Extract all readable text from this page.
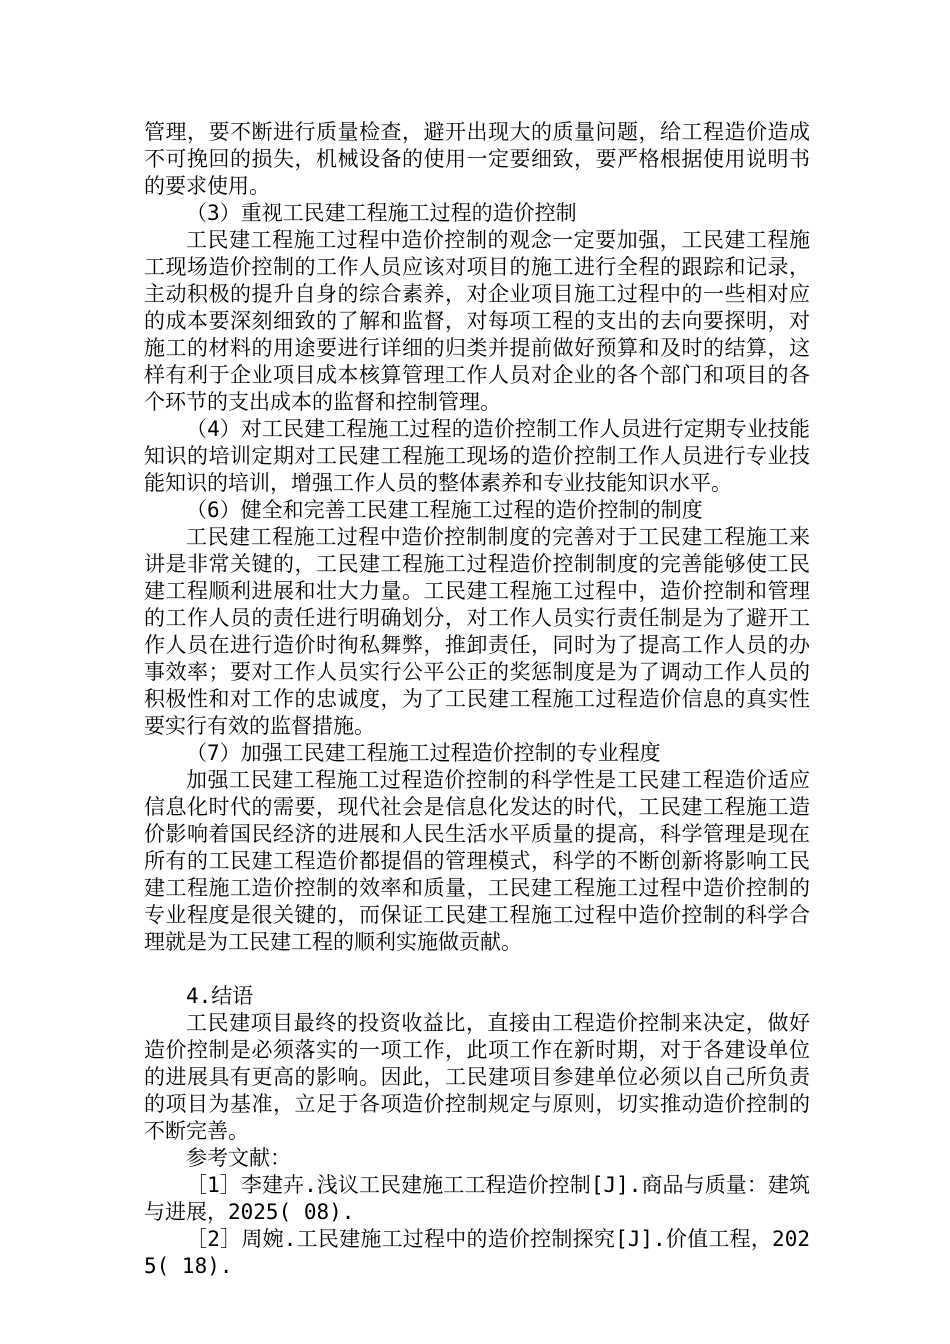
管理，要不断进行质量检查，避开出现大的质量问题，给工程造价造成不可挽回的损失，机械设备的使用一定要细致，要严格根据使用说明书的要求使用。

（3）重视工民建工程施工过程的造价控制

工民建工程施工过程中造价控制的观念一定要加强，工民建工程施工现场造价控制的工作人员应该对项目的施工进行全程的跟踪和记录，主动积极的提升自身的综合素养，对企业项目施工过程中的一些相对应的成本要深刻细致的了解和监督，对每项工程的支出的去向要探明，对施工的材料的用途要进行详细的归类并提前做好预算和及时的结算，这样有利于企业项目成本核算管理工作人员对企业的各个部门和项目的各个环节的支出成本的监督和控制管理。

（4）对工民建工程施工过程的造价控制工作人员进行定期专业技能知识的培训定期对工民建工程施工现场的造价控制工作人员进行专业技能知识的培训，增强工作人员的整体素养和专业技能知识水平。

（6）健全和完善工民建工程施工过程的造价控制的制度

工民建工程施工过程中造价控制制度的完善对于工民建工程施工来讲是非常关键的，工民建工程施工过程造价控制制度的完善能够使工民建工程顺利进展和壮大力量。工民建工程施工过程中，造价控制和管理的工作人员的责任进行明确划分，对工作人员实行责任制是为了避开工作人员在进行造价时徇私舞弊，推卸责任，同时为了提高工作人员的办事效率；要对工作人员实行公平公正的奖惩制度是为了调动工作人员的积极性和对工作的忠诚度，为了工民建工程施工过程造价信息的真实性要实行有效的监督措施。

（7）加强工民建工程施工过程造价控制的专业程度

加强工民建工程施工过程造价控制的科学性是工民建工程造价适应信息化时代的需要，现代社会是信息化发达的时代，工民建工程施工造价影响着国民经济的进展和人民生活水平质量的提高，科学管理是现在所有的工民建工程造价都提倡的管理模式，科学的不断创新将影响工民建工程施工造价控制的效率和质量，工民建工程施工过程中造价控制的专业程度是很关键的，而保证工民建工程施工过程中造价控制的科学合理就是为工民建工程的顺利实施做贡献。

4.结语

工民建项目最终的投资收益比，直接由工程造价控制来决定，做好造价控制是必须落实的一项工作，此项工作在新时期，对于各建设单位的进展具有更高的影响。因此，工民建项目参建单位必须以自己所负责的项目为基准，立足于各项造价控制规定与原则，切实推动造价控制的不断完善。

参考文献：

［1］李建卉.浅议工民建施工工程造价控制[J].商品与质量：建筑与进展，2025( 08).

［2］周婉.工民建施工过程中的造价控制探究[J].价值工程，2025( 18).
